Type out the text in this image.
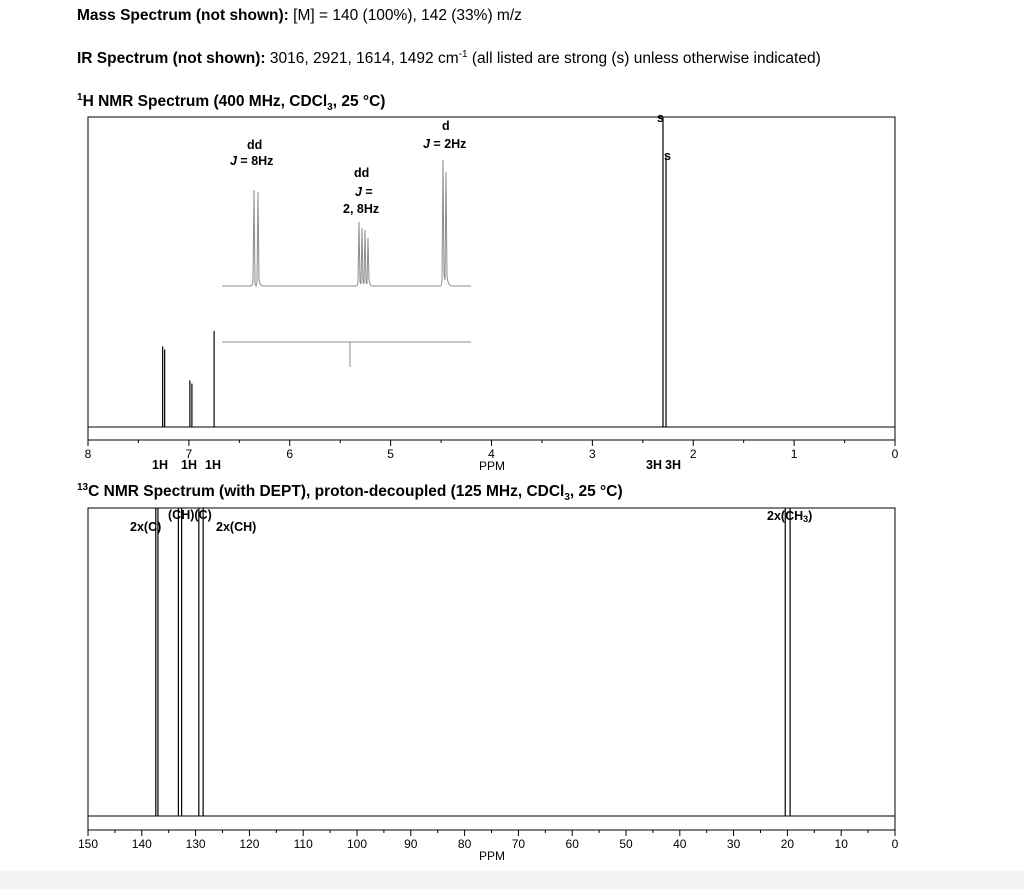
Mass Spectrum (not shown): [M] = 140 (100%), 142 (33%) m/z
IR Spectrum (not shown): 3016, 2921, 1614, 1492 $cm^{-1}$ (all listed are strong (s) unless otherwise indicated)
$^1$H NMR Spectrum (400 MHz, CDCl$_3$, 25 °C)
$^{13}$C NMR Spectrum (with DEPT), proton-decoupled (125 MHz, CDCl$_3$, 25 °C)
8	7	6	5	4	3	2	1	0
dd
J = 8Hz
dd
J =
2, 8Hz
d
J = 2Hz
s
s
1H 1H 1H	3H 3H
PPM
150	140	130	120	110	100	90	80	70	60	50	40	30	20	10	0
2x(C)
(CH)(C)
2x(CH)
2x(CH3)
PPM
